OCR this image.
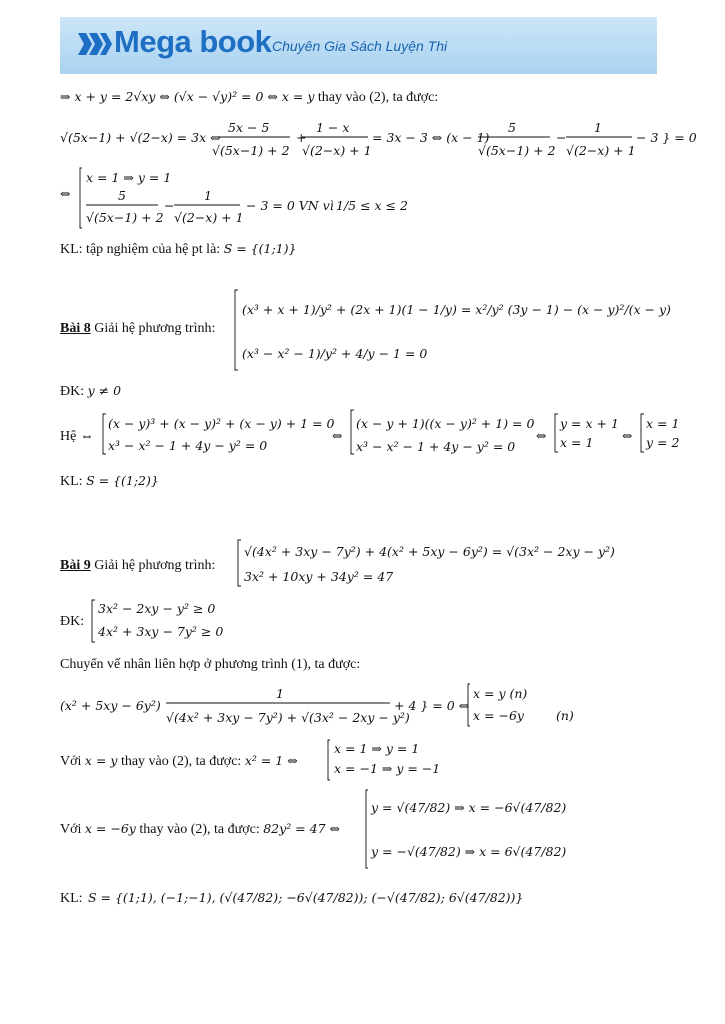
Mega book Chuyên Gia Sách Luyện Thi
⇒ x + y = 2√xy ⇔ (√x − √y)² = 0 ⇔ x = y thay vào (2), ta được:
√(5x−1) + √(2−x) = 3x ⇔
5x − 5
√(5x−1) + 2
+
1 − x
√(2−x) + 1
= 3x − 3 ⇔ (x − 1)
5
√(5x−1) + 2
−
1
√(2−x) + 1
− 3 } = 0
⇔
x = 1 ⇒ y = 1
5
√(5x−1) + 2
−
1
√(2−x) + 1
− 3 = 0 VN vì 1/5 ≤ x ≤ 2
(x³ + x + 1)/y² + (2x + 1)(1 − 1/y) = x²/y² (3y − 1) − (x − y)²/(x − y)
(x³ − x² − 1)/y² + 4/y − 1 = 0
(x − y)³ + (x − y)² + (x − y) + 1 = 0
x³ − x² − 1 + 4y − y² = 0
⇔
(x − y + 1)((x − y)² + 1) = 0
x³ − x² − 1 + 4y − y² = 0
⇔
y = x + 1
x = 1 ⇔
x = 1
y = 2
√(4x² + 3xy − 7y²) + 4(x² + 5xy − 6y²) = √(3x² − 2xy − y²)
3x² + 10xy + 34y² = 47
3x² − 2xy − y² ≥ 0
4x² + 3xy − 7y² ≥ 0
(x² + 5xy − 6y²)
1
√(4x² + 3xy − 7y²) + √(3x² − 2xy − y²)
+ 4 } = 0 ⇔
x = y (n)
x = −6y	(n)
x = 1 ⇒ y = 1
x = −1 ⇒ y = −1
y = √(47/82) ⇒ x = −6√(47/82)
y = −√(47/82) ⇒ x = 6√(47/82)
S = {(1;1), (−1;−1), (√(47/82); −6√(47/82)); (−√(47/82); 6√(47/82))}
KL: tập nghiệm của hệ pt là: S = {(1;1)}
Bài 8 Giải hệ phương trình:
ĐK: y ≠ 0
Hệ ⇔
KL: S = {(1;2)}
Bài 9 Giải hệ phương trình:
ĐK:
Chuyển vế nhân liên hợp ở phương trình (1), ta được:
Với x = y thay vào (2), ta được: x² = 1 ⇔
Với x = −6y thay vào (2), ta được: 82y² = 47 ⇔
KL:
